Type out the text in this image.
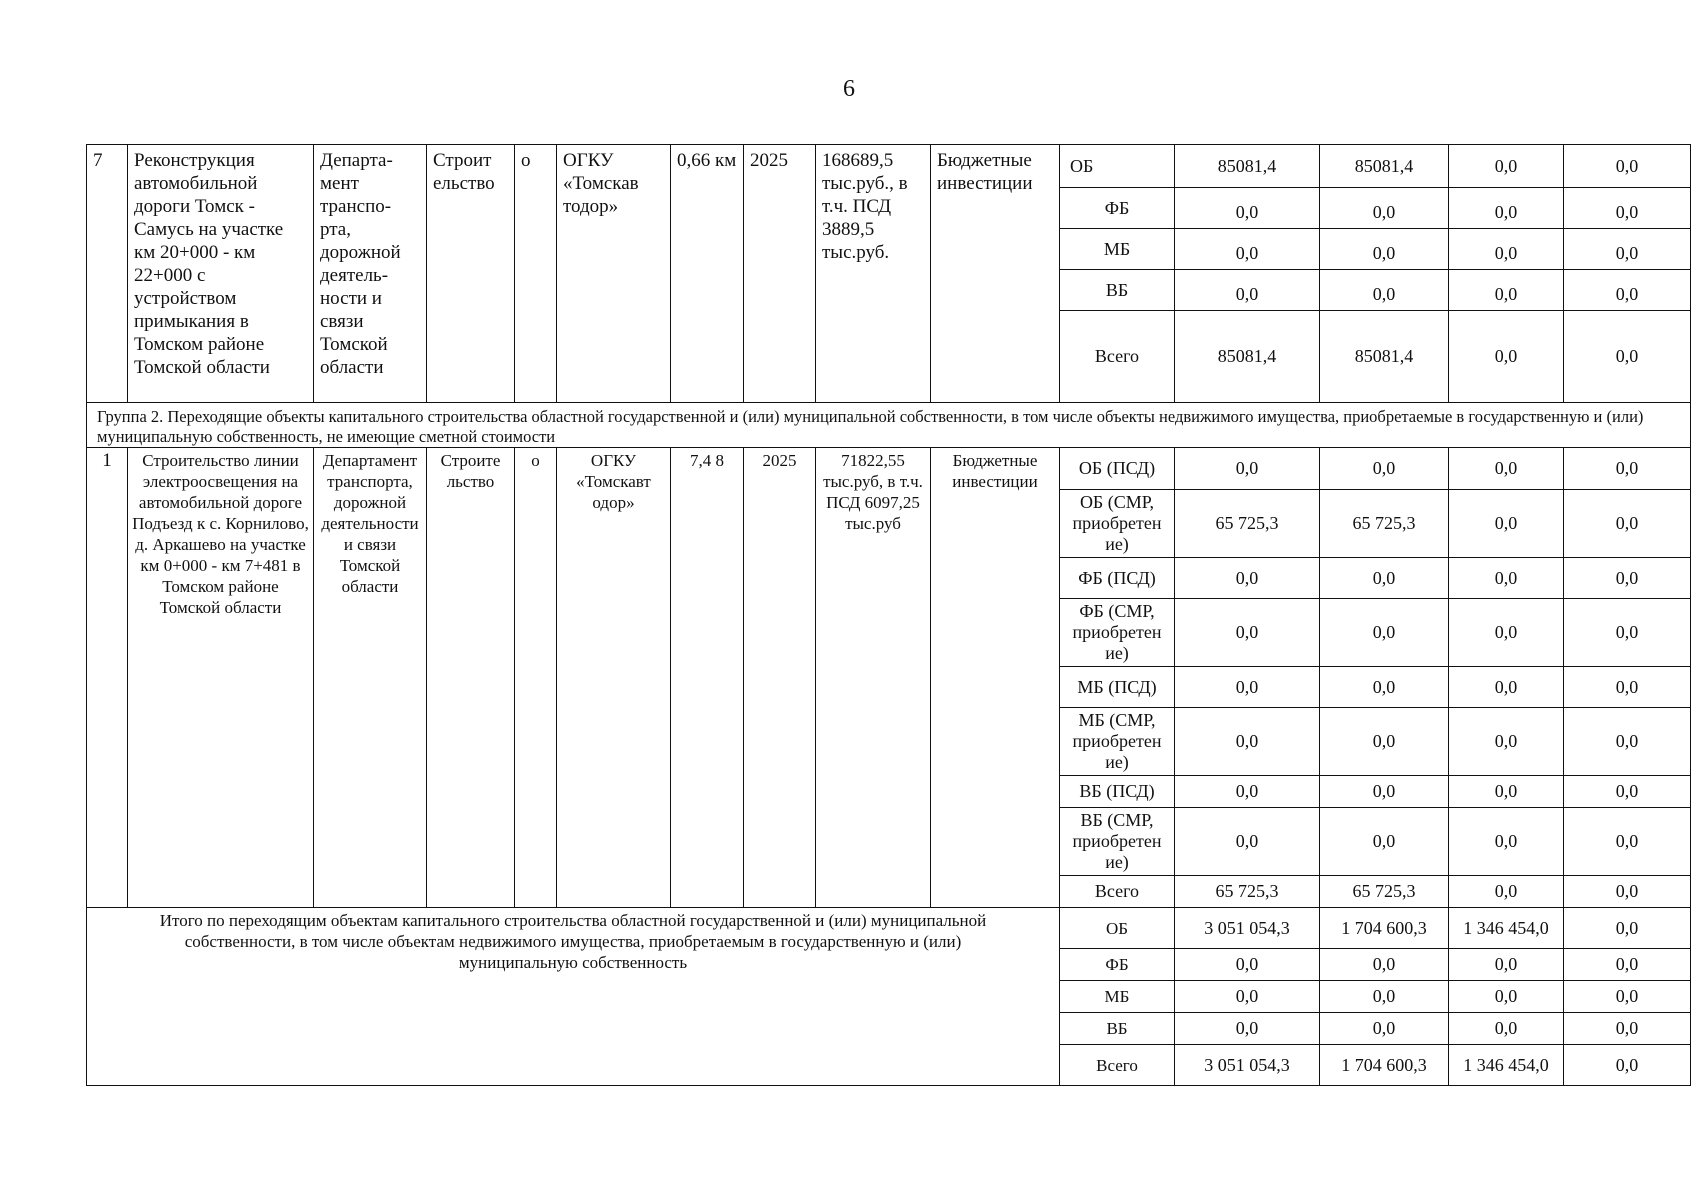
6
7	Реконструкция автомобильной дороги Томск - Самусь на участке км 20+000 - км 22+000 с устройством примыкания в Томском районе Томской области	Департа-мент транспо-рта, дорожной деятель-ности и связи Томской области	Строит ельство	о	ОГКУ «Томскав тодор»	0,66 км	2025	168689,5 тыс.руб., в т.ч. ПСД 3889,5 тыс.руб.	Бюджетные инвестиции	ОБ	85081,4	85081,4	0,0	0,0
										ФБ	0,0	0,0	0,0	0,0
										МБ	0,0	0,0	0,0	0,0
										ВБ	0,0	0,0	0,0	0,0
										Всего	85081,4	85081,4	0,0	0,0
Группа 2. Переходящие объекты капитального строительства областной государственной и (или) муниципальной собственности, в том числе объекты недвижимого имущества, приобретаемые в государственную и (или) муниципальную собственность, не имеющие сметной стоимости														
1	Строительство линии электроосвещения на автомобильной дороге Подъезд к с. Корнилово, д. Аркашево на участке км 0+000 - км 7+481 в Томском районе Томской области	Департамент транспорта, дорожной деятельности и связи Томской области	Строите льство	о	ОГКУ «Томскавт одор»	7,4 8	2025	71822,55 тыс.руб, в т.ч. ПСД 6097,25 тыс.руб	Бюджетные инвестиции	ОБ (ПСД)	0,0	0,0	0,0	0,0
										ОБ (СМР, приобретен ие)	65 725,3	65 725,3	0,0	0,0
										ФБ (ПСД)	0,0	0,0	0,0	0,0
										ФБ (СМР, приобретен ие)	0,0	0,0	0,0	0,0
										МБ (ПСД)	0,0	0,0	0,0	0,0
										МБ (СМР, приобретен ие)	0,0	0,0	0,0	0,0
										ВБ (ПСД)	0,0	0,0	0,0	0,0
										ВБ (СМР, приобретен ие)	0,0	0,0	0,0	0,0
										Всего	65 725,3	65 725,3	0,0	0,0
Итого по переходящим объектам капитального строительства областной государственной и (или) муниципальной собственности, в том числе объектам недвижимого имущества, приобретаемым в государственную и (или) муниципальную собственность										ОБ	3 051 054,3	1 704 600,3	1 346 454,0	0,0
										ФБ	0,0	0,0	0,0	0,0
										МБ	0,0	0,0	0,0	0,0
										ВБ	0,0	0,0	0,0	0,0
										Всего	3 051 054,3	1 704 600,3	1 346 454,0	0,0
